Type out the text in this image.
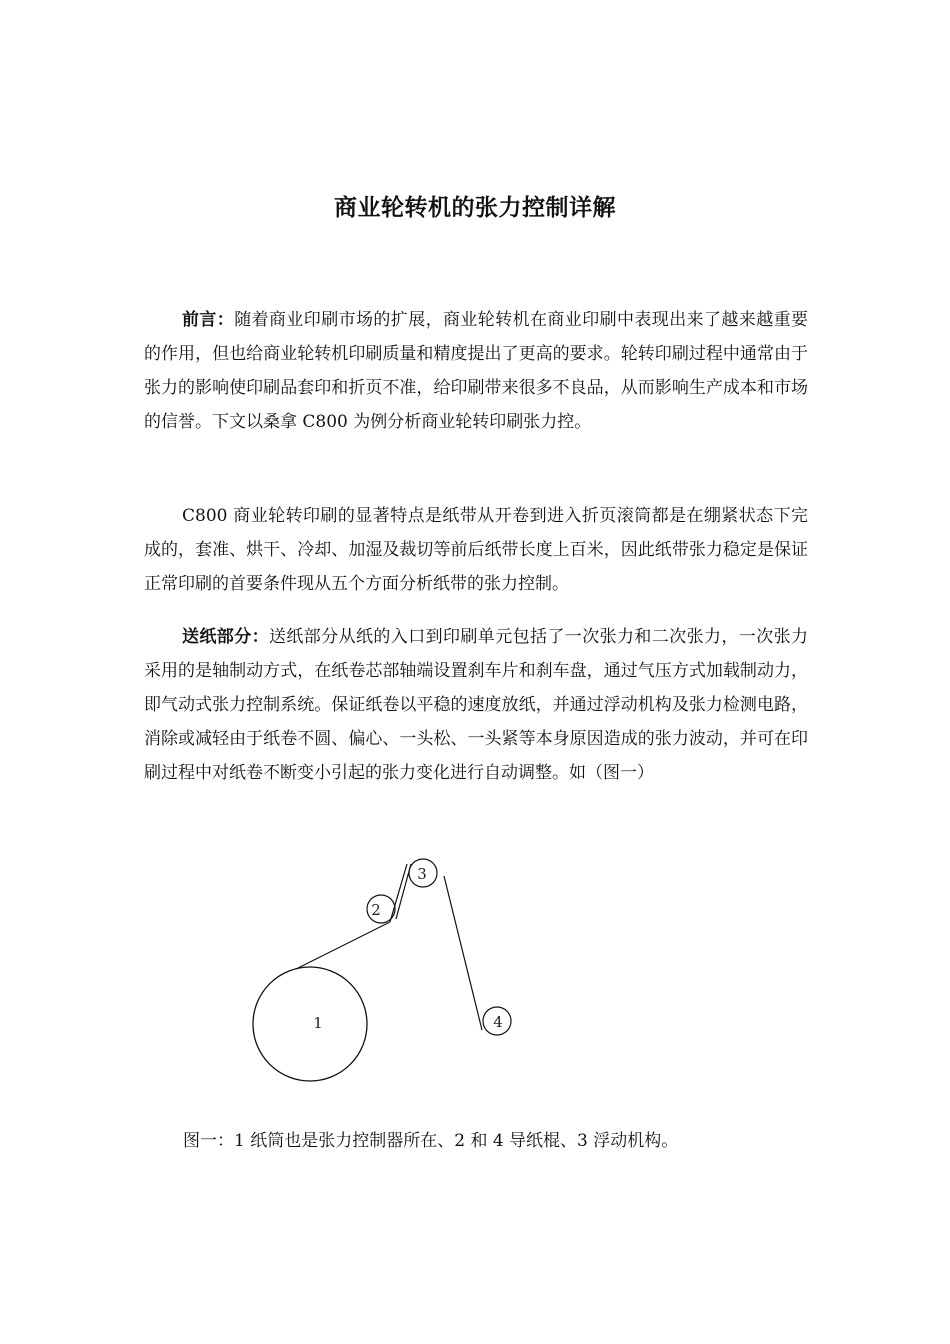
商业轮转机的张力控制详解

前言：随着商业印刷市场的扩展，商业轮转机在商业印刷中表现出来了越来越重要的作用，但也给商业轮转机印刷质量和精度提出了更高的要求。轮转印刷过程中通常由于张力的影响使印刷品套印和折页不准，给印刷带来很多不良品，从而影响生产成本和市场的信誉。下文以桑拿 C800 为例分析商业轮转印刷张力控。

C800 商业轮转印刷的显著特点是纸带从开卷到进入折页滚筒都是在绷紧状态下完成的，套准、烘干、冷却、加湿及裁切等前后纸带长度上百米，因此纸带张力稳定是保证正常印刷的首要条件现从五个方面分析纸带的张力控制。

送纸部分：送纸部分从纸的入口到印刷单元包括了一次张力和二次张力，一次张力采用的是轴制动方式，在纸卷芯部轴端设置刹车片和刹车盘，通过气压方式加载制动力，即气动式张力控制系统。保证纸卷以平稳的速度放纸，并通过浮动机构及张力检测电路，消除或减轻由于纸卷不圆、偏心、一头松、一头紧等本身原因造成的张力波动，并可在印刷过程中对纸卷不断变小引起的张力变化进行自动调整。如（图一）

1
2
3
4
图一：1 纸筒也是张力控制器所在、2 和 4 导纸棍、3 浮动机构。
